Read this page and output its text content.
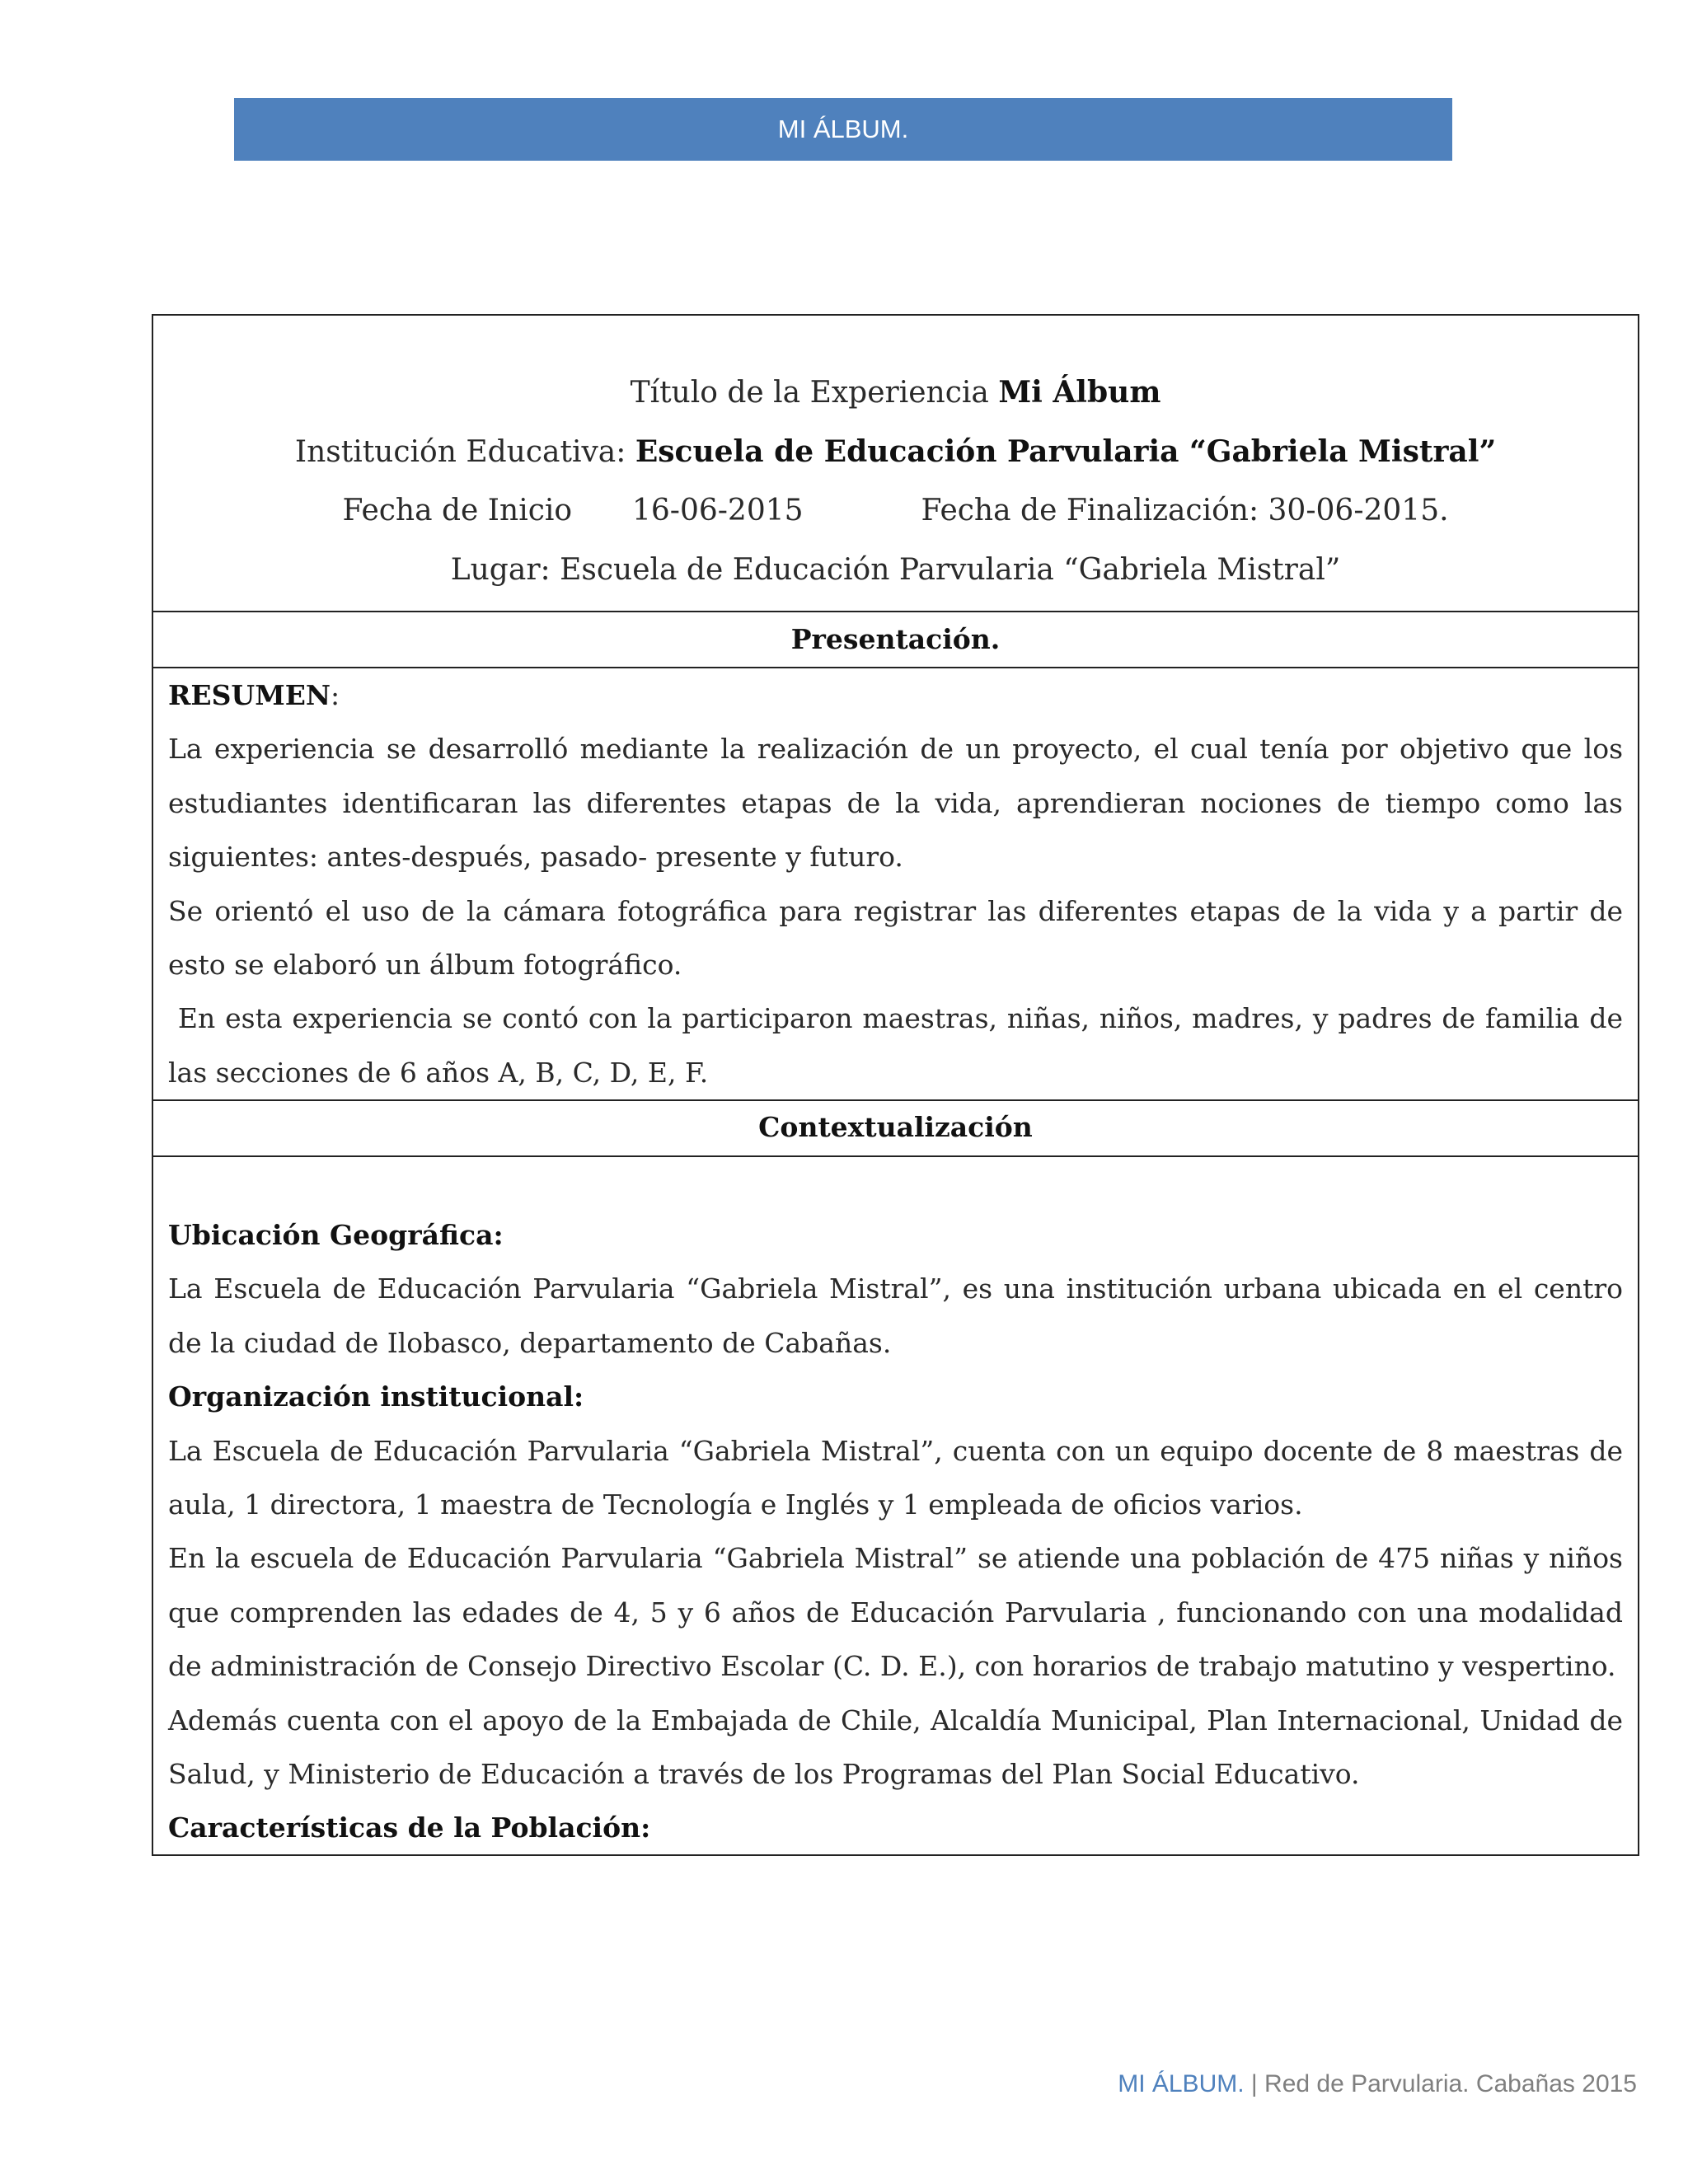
MI ÁLBUM.
Título de la Experiencia Mi Álbum
Institución Educativa: Escuela de Educación Parvularia “Gabriela Mistral”
Fecha de Inicio 16-06-2015	Fecha de Finalización: 30-06-2015.
Lugar: Escuela de Educación Parvularia “Gabriela Mistral”
Presentación.

RESUMEN:

La experiencia se desarrolló mediante la realización de un proyecto, el cual tenía por objetivo que los estudiantes identificaran las diferentes etapas de la vida, aprendieran nociones de tiempo como las siguientes: antes-después, pasado- presente y futuro.

Se orientó el uso de la cámara fotográfica para registrar las diferentes etapas de la vida y a partir de esto se elaboró un álbum fotográfico.

En esta experiencia se contó con la participaron maestras, niñas, niños, madres, y padres de familia de las secciones de 6 años A, B, C, D, E, F.

Contextualización

Ubicación Geográfica:

La Escuela de Educación Parvularia “Gabriela Mistral”, es una institución urbana ubicada en el centro de la ciudad de Ilobasco, departamento de Cabañas.

Organización institucional:

La Escuela de Educación Parvularia “Gabriela Mistral”, cuenta con un equipo docente de 8 maestras de aula, 1 directora, 1 maestra de Tecnología e Inglés y 1 empleada de oficios varios.

En la escuela de Educación Parvularia “Gabriela Mistral” se atiende una población de 475 niñas y niños que comprenden las edades de 4, 5 y 6 años de Educación Parvularia , funcionando con una modalidad de administración de Consejo Directivo Escolar (C. D. E.), con horarios de trabajo matutino y vespertino.

Además cuenta con el apoyo de la Embajada de Chile, Alcaldía Municipal, Plan Internacional, Unidad de Salud, y Ministerio de Educación a través de los Programas del Plan Social Educativo.

Características de la Población:

MI ÁLBUM. | Red de Parvularia. Cabañas 2015
